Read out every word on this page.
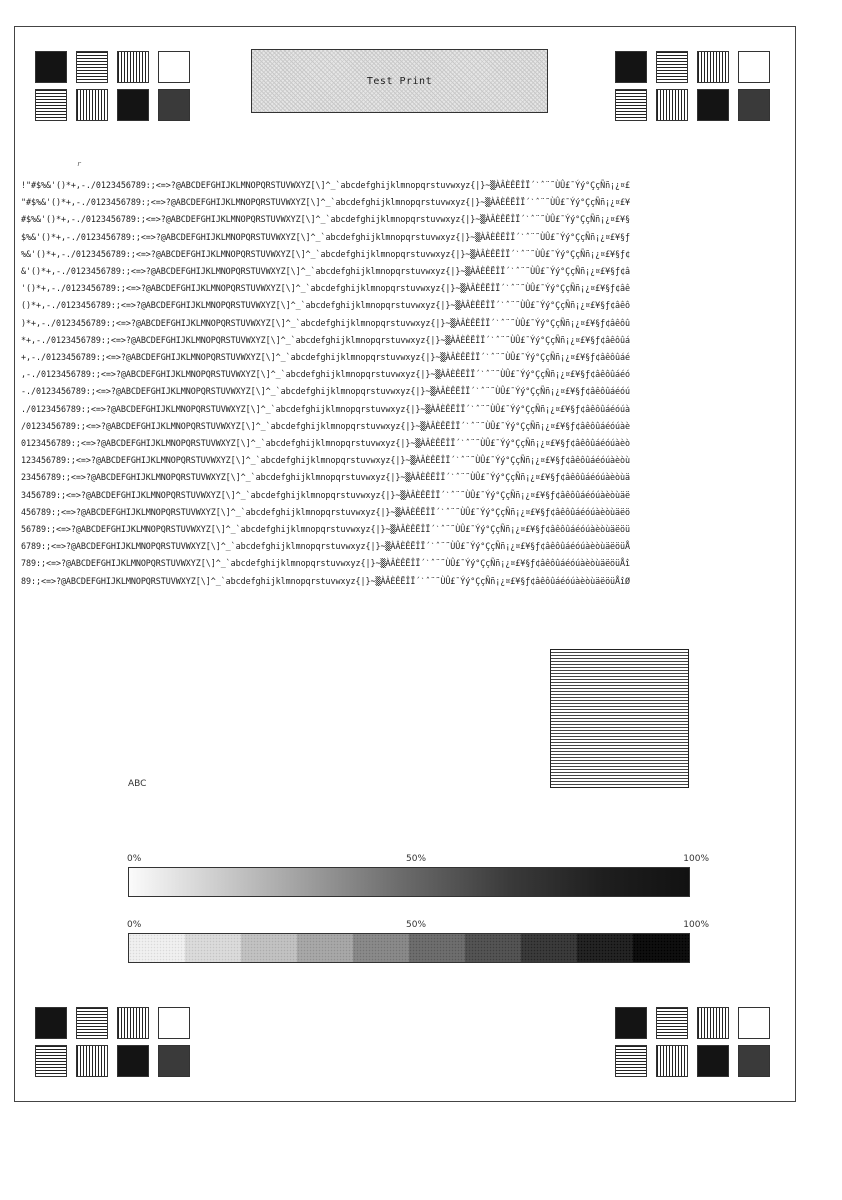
Test Print
r
!"#$%&'()*+,-./0123456789:;<=>?@ABCDEFGHIJKLMNOPQRSTUVWXYZ[\]^_`abcdefghijklmnopqrstuvwxyz{|}~▒ÀÂÈÊËÎÏ´ˋˆ¨˜ÙÛ£¯Ýý°ÇçÑñ¡¿¤£
"#$%&'()*+,-./0123456789:;<=>?@ABCDEFGHIJKLMNOPQRSTUVWXYZ[\]^_`abcdefghijklmnopqrstuvwxyz{|}~▒ÀÂÈÊËÎÏ´ˋˆ¨˜ÙÛ£¯Ýý°ÇçÑñ¡¿¤£¥
#$%&'()*+,-./0123456789:;<=>?@ABCDEFGHIJKLMNOPQRSTUVWXYZ[\]^_`abcdefghijklmnopqrstuvwxyz{|}~▒ÀÂÈÊËÎÏ´ˋˆ¨˜ÙÛ£¯Ýý°ÇçÑñ¡¿¤£¥§
$%&'()*+,-./0123456789:;<=>?@ABCDEFGHIJKLMNOPQRSTUVWXYZ[\]^_`abcdefghijklmnopqrstuvwxyz{|}~▒ÀÂÈÊËÎÏ´ˋˆ¨˜ÙÛ£¯Ýý°ÇçÑñ¡¿¤£¥§ƒ
%&'()*+,-./0123456789:;<=>?@ABCDEFGHIJKLMNOPQRSTUVWXYZ[\]^_`abcdefghijklmnopqrstuvwxyz{|}~▒ÀÂÈÊËÎÏ´ˋˆ¨˜ÙÛ£¯Ýý°ÇçÑñ¡¿¤£¥§ƒ¢
&'()*+,-./0123456789:;<=>?@ABCDEFGHIJKLMNOPQRSTUVWXYZ[\]^_`abcdefghijklmnopqrstuvwxyz{|}~▒ÀÂÈÊËÎÏ´ˋˆ¨˜ÙÛ£¯Ýý°ÇçÑñ¡¿¤£¥§ƒ¢â
'()*+,-./0123456789:;<=>?@ABCDEFGHIJKLMNOPQRSTUVWXYZ[\]^_`abcdefghijklmnopqrstuvwxyz{|}~▒ÀÂÈÊËÎÏ´ˋˆ¨˜ÙÛ£¯Ýý°ÇçÑñ¡¿¤£¥§ƒ¢âê
()*+,-./0123456789:;<=>?@ABCDEFGHIJKLMNOPQRSTUVWXYZ[\]^_`abcdefghijklmnopqrstuvwxyz{|}~▒ÀÂÈÊËÎÏ´ˋˆ¨˜ÙÛ£¯Ýý°ÇçÑñ¡¿¤£¥§ƒ¢âêô
)*+,-./0123456789:;<=>?@ABCDEFGHIJKLMNOPQRSTUVWXYZ[\]^_`abcdefghijklmnopqrstuvwxyz{|}~▒ÀÂÈÊËÎÏ´ˋˆ¨˜ÙÛ£¯Ýý°ÇçÑñ¡¿¤£¥§ƒ¢âêôû
*+,-./0123456789:;<=>?@ABCDEFGHIJKLMNOPQRSTUVWXYZ[\]^_`abcdefghijklmnopqrstuvwxyz{|}~▒ÀÂÈÊËÎÏ´ˋˆ¨˜ÙÛ£¯Ýý°ÇçÑñ¡¿¤£¥§ƒ¢âêôûá
+,-./0123456789:;<=>?@ABCDEFGHIJKLMNOPQRSTUVWXYZ[\]^_`abcdefghijklmnopqrstuvwxyz{|}~▒ÀÂÈÊËÎÏ´ˋˆ¨˜ÙÛ£¯Ýý°ÇçÑñ¡¿¤£¥§ƒ¢âêôûáé
,-./0123456789:;<=>?@ABCDEFGHIJKLMNOPQRSTUVWXYZ[\]^_`abcdefghijklmnopqrstuvwxyz{|}~▒ÀÂÈÊËÎÏ´ˋˆ¨˜ÙÛ£¯Ýý°ÇçÑñ¡¿¤£¥§ƒ¢âêôûáéó
-./0123456789:;<=>?@ABCDEFGHIJKLMNOPQRSTUVWXYZ[\]^_`abcdefghijklmnopqrstuvwxyz{|}~▒ÀÂÈÊËÎÏ´ˋˆ¨˜ÙÛ£¯Ýý°ÇçÑñ¡¿¤£¥§ƒ¢âêôûáéóú
./0123456789:;<=>?@ABCDEFGHIJKLMNOPQRSTUVWXYZ[\]^_`abcdefghijklmnopqrstuvwxyz{|}~▒ÀÂÈÊËÎÏ´ˋˆ¨˜ÙÛ£¯Ýý°ÇçÑñ¡¿¤£¥§ƒ¢âêôûáéóúà
/0123456789:;<=>?@ABCDEFGHIJKLMNOPQRSTUVWXYZ[\]^_`abcdefghijklmnopqrstuvwxyz{|}~▒ÀÂÈÊËÎÏ´ˋˆ¨˜ÙÛ£¯Ýý°ÇçÑñ¡¿¤£¥§ƒ¢âêôûáéóúàè
0123456789:;<=>?@ABCDEFGHIJKLMNOPQRSTUVWXYZ[\]^_`abcdefghijklmnopqrstuvwxyz{|}~▒ÀÂÈÊËÎÏ´ˋˆ¨˜ÙÛ£¯Ýý°ÇçÑñ¡¿¤£¥§ƒ¢âêôûáéóúàèò
123456789:;<=>?@ABCDEFGHIJKLMNOPQRSTUVWXYZ[\]^_`abcdefghijklmnopqrstuvwxyz{|}~▒ÀÂÈÊËÎÏ´ˋˆ¨˜ÙÛ£¯Ýý°ÇçÑñ¡¿¤£¥§ƒ¢âêôûáéóúàèòù
23456789:;<=>?@ABCDEFGHIJKLMNOPQRSTUVWXYZ[\]^_`abcdefghijklmnopqrstuvwxyz{|}~▒ÀÂÈÊËÎÏ´ˋˆ¨˜ÙÛ£¯Ýý°ÇçÑñ¡¿¤£¥§ƒ¢âêôûáéóúàèòùä
3456789:;<=>?@ABCDEFGHIJKLMNOPQRSTUVWXYZ[\]^_`abcdefghijklmnopqrstuvwxyz{|}~▒ÀÂÈÊËÎÏ´ˋˆ¨˜ÙÛ£¯Ýý°ÇçÑñ¡¿¤£¥§ƒ¢âêôûáéóúàèòùäë
456789:;<=>?@ABCDEFGHIJKLMNOPQRSTUVWXYZ[\]^_`abcdefghijklmnopqrstuvwxyz{|}~▒ÀÂÈÊËÎÏ´ˋˆ¨˜ÙÛ£¯Ýý°ÇçÑñ¡¿¤£¥§ƒ¢âêôûáéóúàèòùäëö
56789:;<=>?@ABCDEFGHIJKLMNOPQRSTUVWXYZ[\]^_`abcdefghijklmnopqrstuvwxyz{|}~▒ÀÂÈÊËÎÏ´ˋˆ¨˜ÙÛ£¯Ýý°ÇçÑñ¡¿¤£¥§ƒ¢âêôûáéóúàèòùäëöü
6789:;<=>?@ABCDEFGHIJKLMNOPQRSTUVWXYZ[\]^_`abcdefghijklmnopqrstuvwxyz{|}~▒ÀÂÈÊËÎÏ´ˋˆ¨˜ÙÛ£¯Ýý°ÇçÑñ¡¿¤£¥§ƒ¢âêôûáéóúàèòùäëöüÅ
789:;<=>?@ABCDEFGHIJKLMNOPQRSTUVWXYZ[\]^_`abcdefghijklmnopqrstuvwxyz{|}~▒ÀÂÈÊËÎÏ´ˋˆ¨˜ÙÛ£¯Ýý°ÇçÑñ¡¿¤£¥§ƒ¢âêôûáéóúàèòùäëöüÅî
89:;<=>?@ABCDEFGHIJKLMNOPQRSTUVWXYZ[\]^_`abcdefghijklmnopqrstuvwxyz{|}~▒ÀÂÈÊËÎÏ´ˋˆ¨˜ÙÛ£¯Ýý°ÇçÑñ¡¿¤£¥§ƒ¢âêôûáéóúàèòùäëöüÅîØ
ABC
0%	50%	100%
0%	50%	100%
